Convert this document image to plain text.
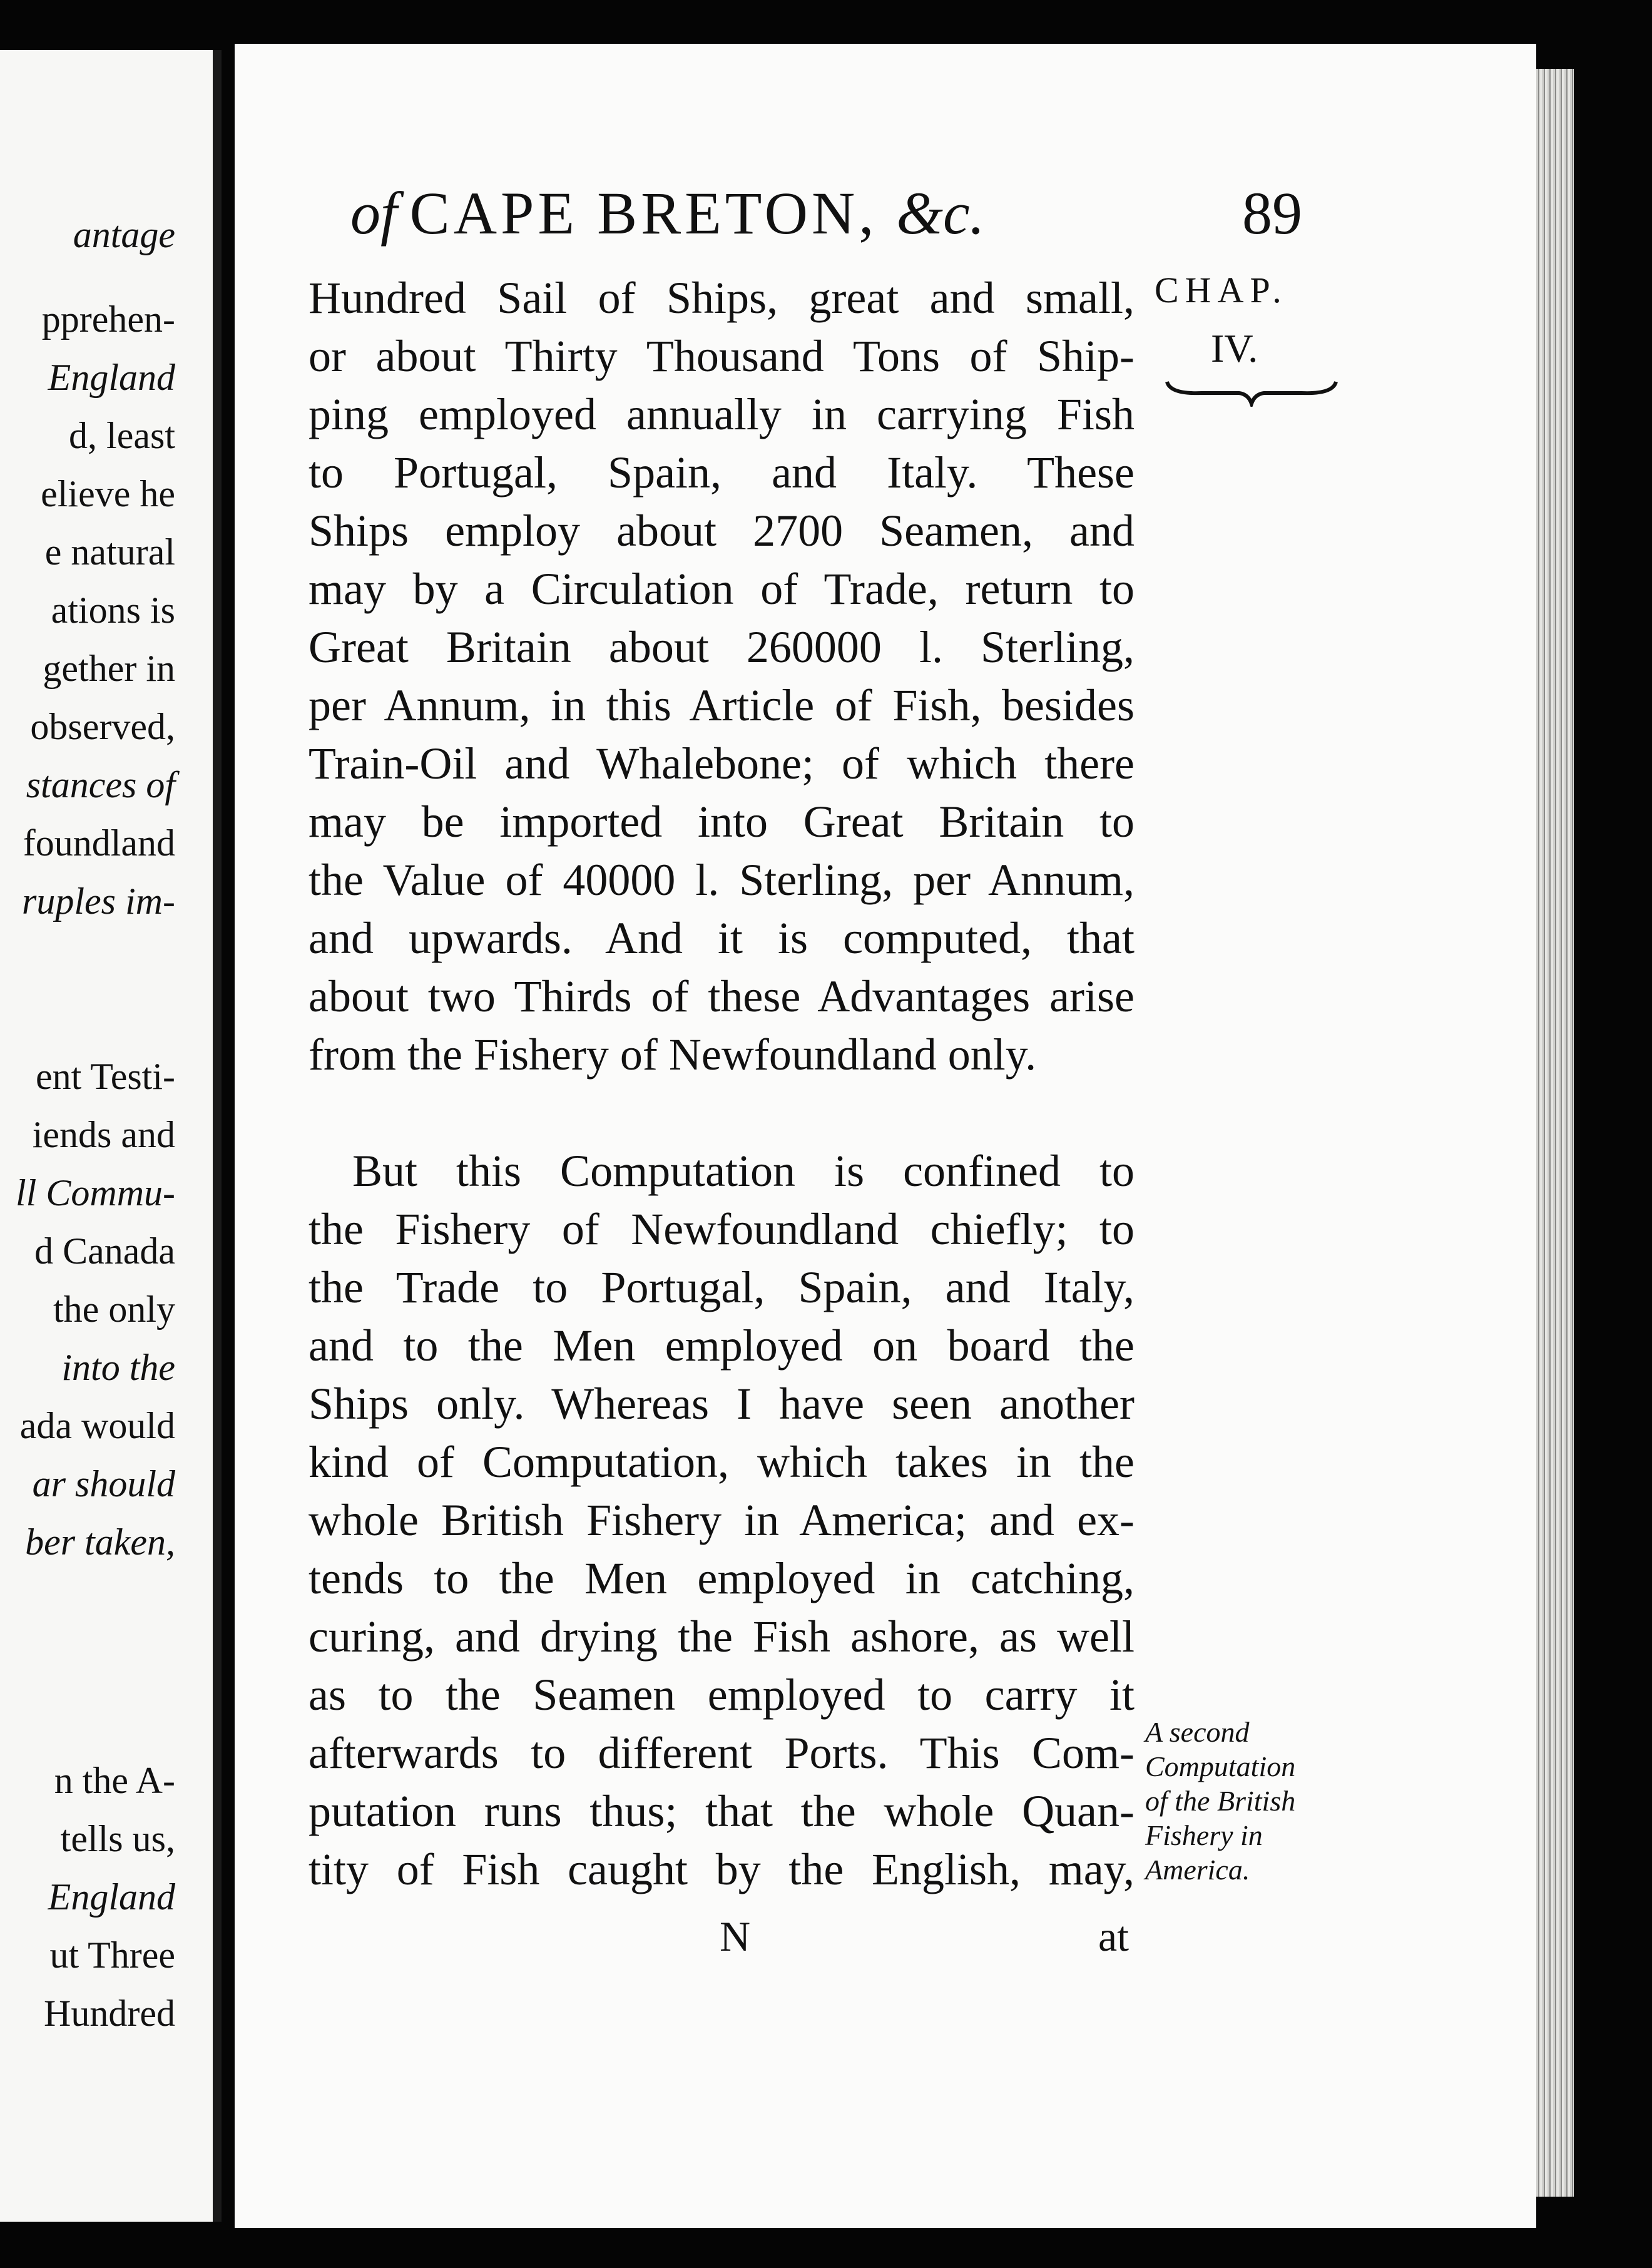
antage
pprehen-
England
d, least
elieve he
e natural
ations is
gether in
observed,
stances of
foundland
ruples im-
ent Testi-
iends and
ll Commu-
d Canada
the only
into the
ada would
ar should
ber taken,
n the A-
tells us,
England
ut Three
Hundred
of CAPE BRETON, &c.	89
CHAP.
IV.
A second
Computation
of the British
Fishery in
America.
Hundred Sail of Ships, great and small,
or about Thirty Thousand Tons of Ship-
ping employed annually in carrying Fish
to Portugal, Spain, and Italy. These
Ships employ about 2700 Seamen, and
may by a Circulation of Trade, return to
Great Britain about 260000 l. Sterling,
per Annum, in this Article of Fish, besides
Train-Oil and Whalebone; of which there
may be imported into Great Britain to
the Value of 40000 l. Sterling, per Annum,
and upwards. And it is computed, that
about two Thirds of these Advantages arise
from the Fishery of Newfoundland only.
But this Computation is confined to
the Fishery of Newfoundland chiefly; to
the Trade to Portugal, Spain, and Italy,
and to the Men employed on board the
Ships only. Whereas I have seen another
kind of Computation, which takes in the
whole British Fishery in America; and ex-
tends to the Men employed in catching,
curing, and drying the Fish ashore, as well
as to the Seamen employed to carry it
afterwards to different Ports. This Com-
putation runs thus; that the whole Quan-
tity of Fish caught by the English, may,
N	at
